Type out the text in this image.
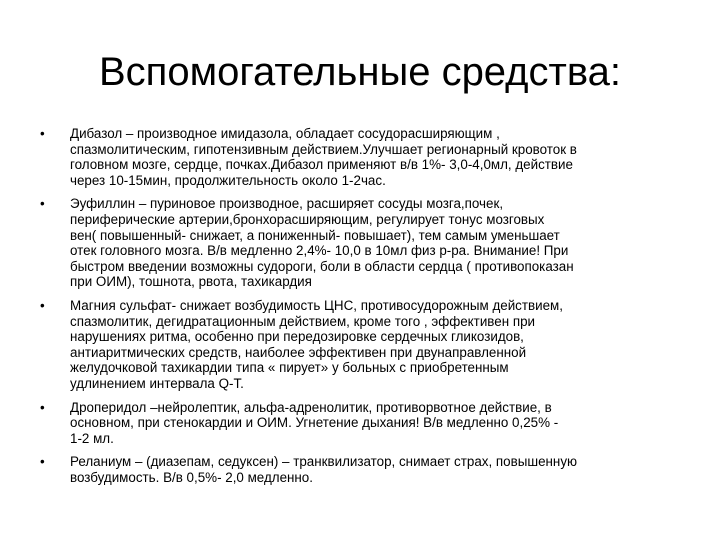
Вспомогательные средства:
•	Дибазол – производное имидазола, обладает сосудорасширяющим ,
спазмолитическим, гипотензивным действием.Улучшает регионарный кровоток в
головном мозге, сердце, почках.Дибазол применяют в/в 1%- 3,0-4,0мл, действие
через 10-15мин, продолжительность около 1-2час.
•	Эуфиллин – пуриновое производное, расширяет сосуды мозга,почек,
периферические артерии,бронхорасширяющим, регулирует тонус мозговых
вен( повышенный- снижает, а пониженный- повышает), тем самым уменьшает
отек головного мозга. В/в медленно 2,4%- 10,0 в 10мл физ р-ра. Внимание! При
быстром введении возможны судороги, боли в области сердца ( противопоказан
при ОИМ), тошнота, рвота, тахикардия
•	Магния сульфат- снижает возбудимость ЦНС, противосудорожным действием,
спазмолитик, дегидратационным действием, кроме того , эффективен при
нарушениях ритма, особенно при передозировке сердечных гликозидов,
антиаритмических средств, наиболее эффективен при двунаправленной
желудочковой тахикардии типа « пирует» у больных с приобретенным
удлинением интервала Q-T.
•	Дроперидол –нейролептик, альфа-адренолитик, противорвотное действие, в
основном, при стенокардии и ОИМ. Угнетение дыхания! В/в медленно 0,25% -
1-2 мл.
•	Реланиум – (диазепам, седуксен) – транквилизатор, снимает страх, повышенную
возбудимость. В/в 0,5%- 2,0 медленно.
